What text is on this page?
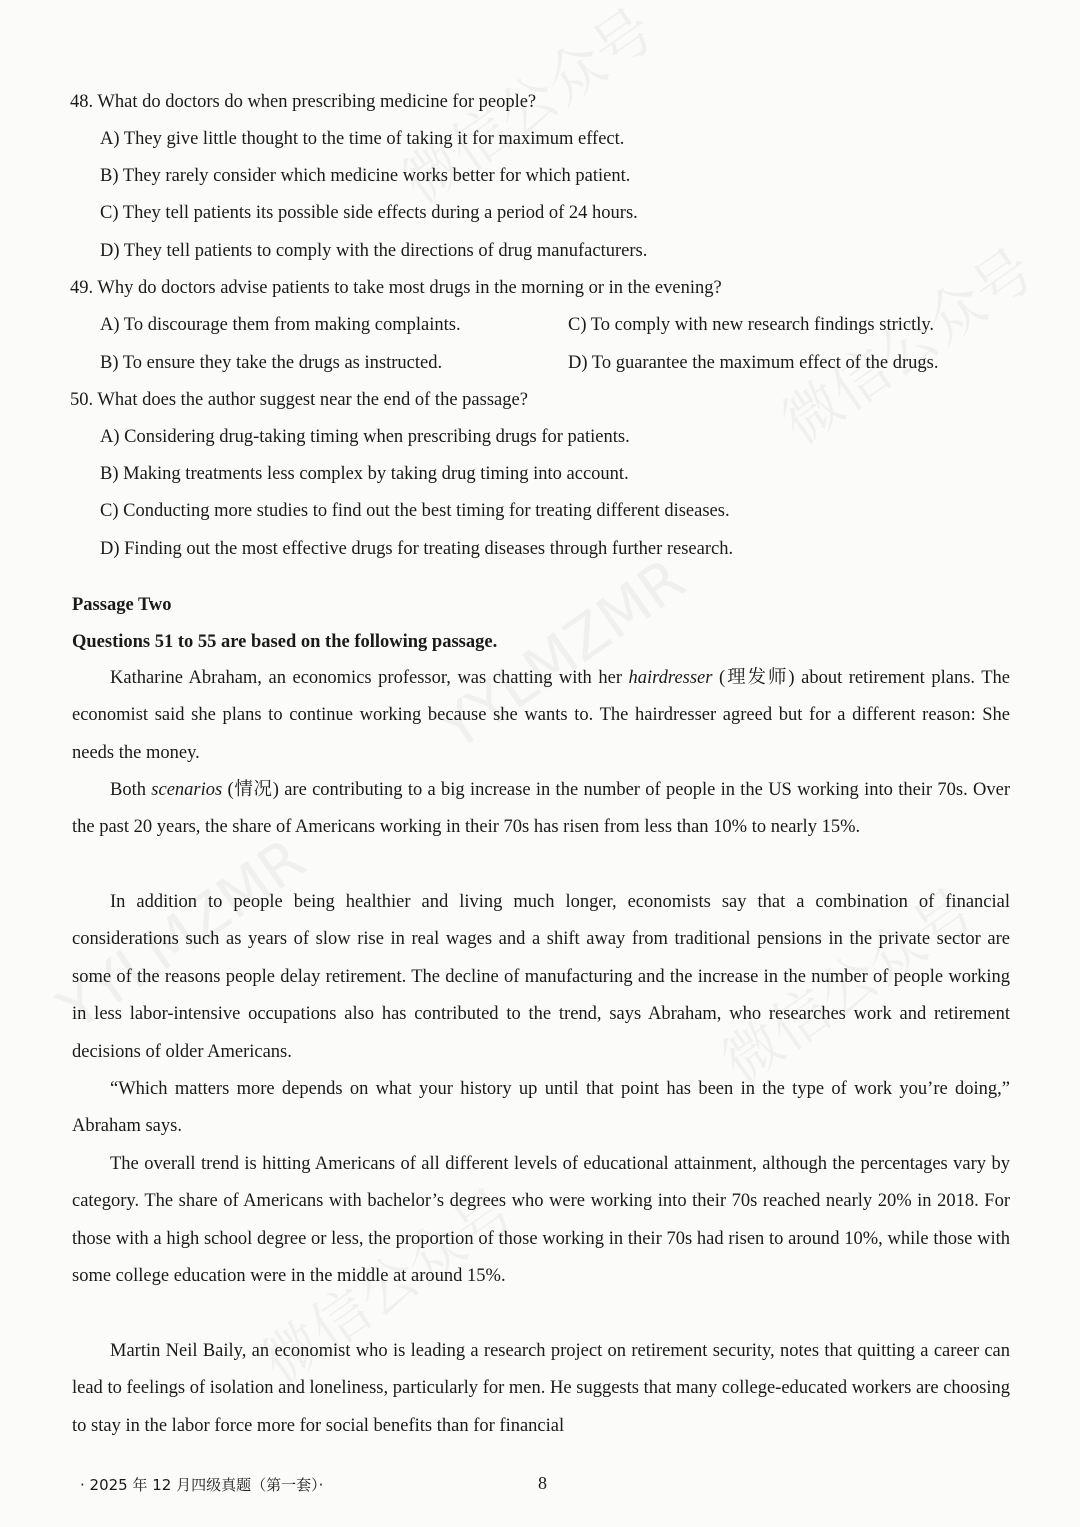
48. What do doctors do when prescribing medicine for people?
A) They give little thought to the time of taking it for maximum effect.
B) They rarely consider which medicine works better for which patient.
C) They tell patients its possible side effects during a period of 24 hours.
D) They tell patients to comply with the directions of drug manufacturers.
49. Why do doctors advise patients to take most drugs in the morning or in the evening?
A) To discourage them from making complaints.	C) To comply with new research findings strictly.
B) To ensure they take the drugs as instructed.	D) To guarantee the maximum effect of the drugs.
50. What does the author suggest near the end of the passage?
A) Considering drug-taking timing when prescribing drugs for patients.
B) Making treatments less complex by taking drug timing into account.
C) Conducting more studies to find out the best timing for treating different diseases.
D) Finding out the most effective drugs for treating diseases through further research.
Passage Two
Questions 51 to 55 are based on the following passage.

Katharine Abraham, an economics professor, was chatting with her hairdresser (理发师) about retirement plans. The economist said she plans to continue working because she wants to. The hairdresser agreed but for a different reason: She needs the money.

Both scenarios (情况) are contributing to a big increase in the number of people in the US working into their 70s. Over the past 20 years, the share of Americans working in their 70s has risen from less than 10% to nearly 15%.

In addition to people being healthier and living much longer, economists say that a combination of financial considerations such as years of slow rise in real wages and a shift away from traditional pensions in the private sector are some of the reasons people delay retirement. The decline of manufacturing and the increase in the number of people working in less labor-intensive occupations also has contributed to the trend, says Abraham, who researches work and retirement decisions of older Americans.

“Which matters more depends on what your history up until that point has been in the type of work you’re doing,” Abraham says.

The overall trend is hitting Americans of all different levels of educational attainment, although the percentages vary by category. The share of Americans with bachelor’s degrees who were working into their 70s reached nearly 20% in 2018. For those with a high school degree or less, the proportion of those working in their 70s had risen to around 10%, while those with some college education were in the middle at around 15%.

Martin Neil Baily, an economist who is leading a research project on retirement security, notes that quitting a career can lead to feelings of isolation and loneliness, particularly for men. He suggests that many college-educated workers are choosing to stay in the labor force more for social benefits than for financial

· 2025 年 12 月四级真题（第一套）·	8
